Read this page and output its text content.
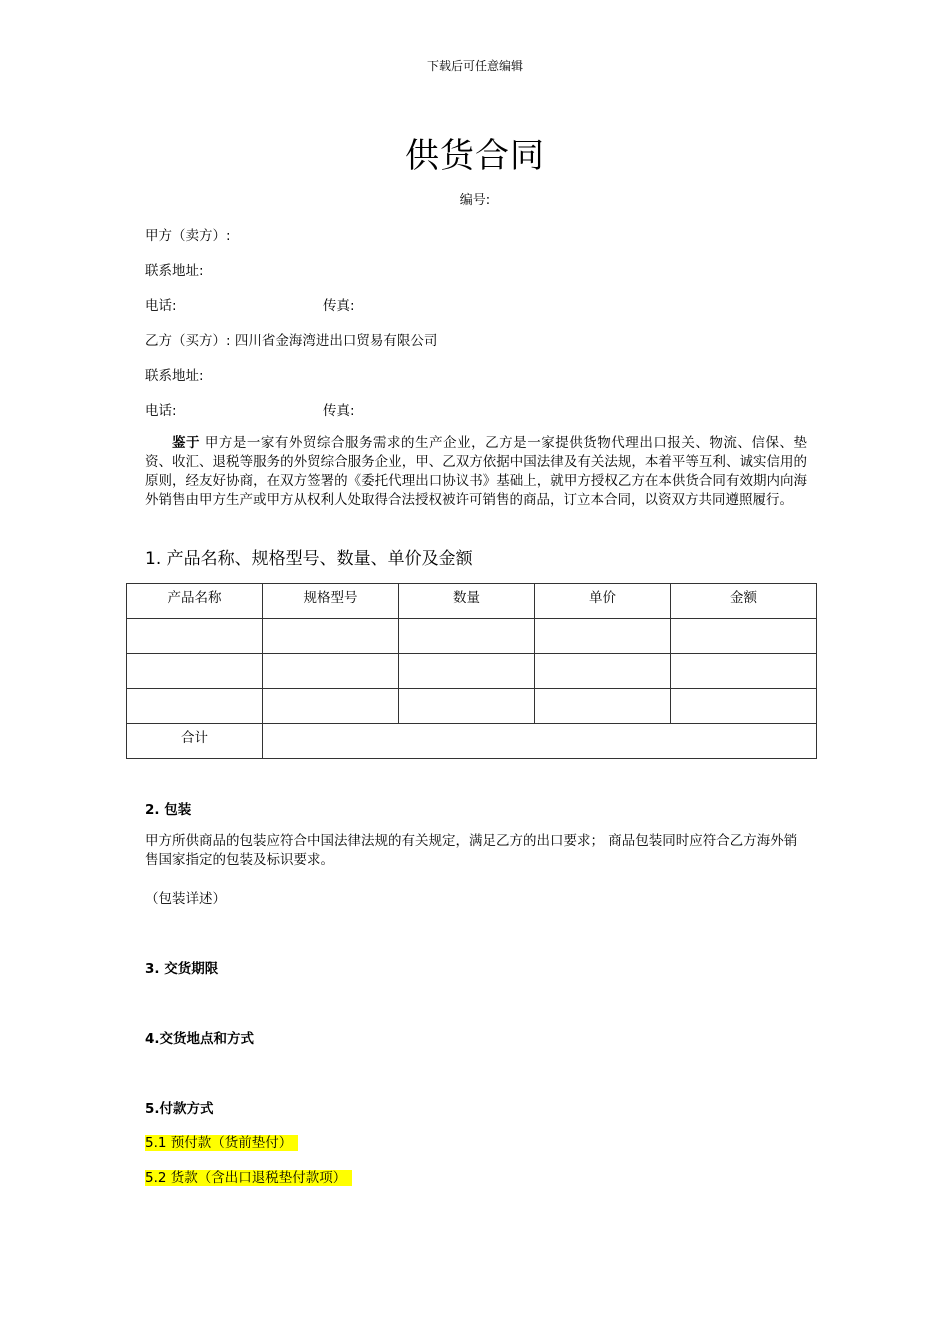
下载后可任意编辑
供货合同
编号:
甲方（卖方）:
联系地址:
电话:	传真:
乙方（买方）: 四川省金海湾进出口贸易有限公司
联系地址:
电话:	传真:
鉴于 甲方是一家有外贸综合服务需求的生产企业，乙方是一家提供货物代理出口报关、物流、信保、垫资、收汇、退税等服务的外贸综合服务企业，甲、乙双方依据中国法律及有关法规，本着平等互利、诚实信用的原则，经友好协商，在双方签署的《委托代理出口协议书》基础上，就甲方授权乙方在本供货合同有效期内向海外销售由甲方生产或甲方从权利人处取得合法授权被许可销售的商品，订立本合同，以资双方共同遵照履行。
1. 产品名称、规格型号、数量、单价及金额
产品名称	规格型号	数量	单价	金额

合计				

2. 包装
甲方所供商品的包装应符合中国法律法规的有关规定，满足乙方的出口要求； 商品包装同时应符合乙方海外销售国家指定的包装及标识要求。
（包装详述）
3. 交货期限
4.交货地点和方式
5.付款方式
5.1 预付款（货前垫付）
5.2 货款（含出口退税垫付款项）
